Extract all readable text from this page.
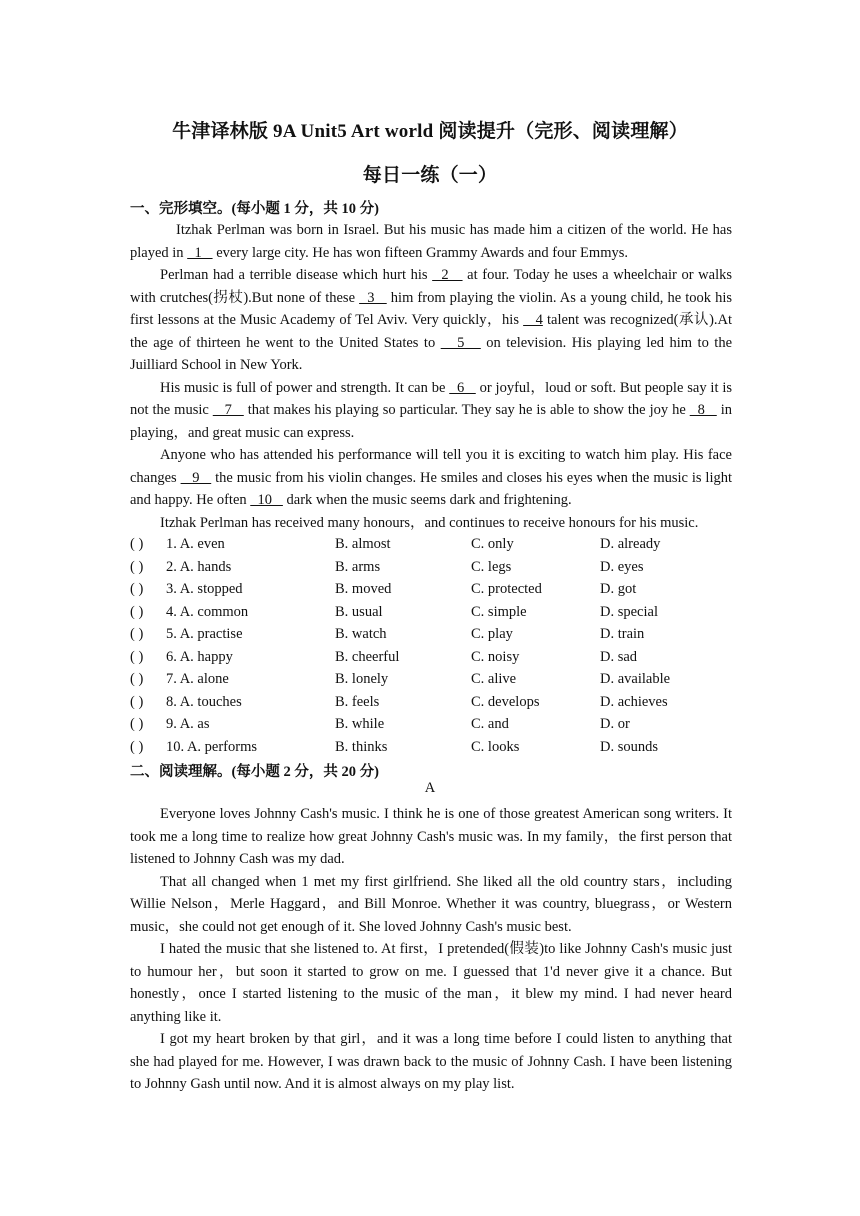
牛津译林版 9A Unit5 Art world 阅读提升（完形、阅读理解）
每日一练（一）
一、完形填空。(每小题 1 分，共 10 分)

Itzhak Perlman was born in Israel. But his music has made him a citizen of the world. He has played in   1    every large city. He has won fifteen Grammy Awards and four Emmys.

Perlman had a terrible disease which hurt his   2    at four. Today he uses a wheelchair or walks with crutches(拐杖).But none of these   3    him from playing the violin. As a young child, he took his first lessons at the Music Academy of Tel Aviv. Very quickly，his    4 talent was recognized(承认).At the age of thirteen he went to the United States to    5    on television. His playing led him to the Juilliard School in New York.

His music is full of power and strength. It can be   6    or joyful，loud or soft. But people say it is not the music    7    that makes his playing so particular. They say he is able to show the joy he   8    in playing，and great music can express.

Anyone who has attended his performance will tell you it is exciting to watch him play. His face changes    9    the music from his violin changes. He smiles and closes his eyes when the music is light and happy. He often   10    dark when the music seems dark and frightening.

Itzhak Perlman has received many honours，and continues to receive honours for his music.

( ) 1. A. even	B. almost	C. only	D. already
( ) 2. A. hands	B. arms	C. legs	D. eyes
( ) 3. A. stopped	B. moved	C. protected	D. got
( ) 4. A. common	B. usual	C. simple	D. special
( ) 5. A. practise	B. watch	C. play	D. train
( ) 6. A. happy	B. cheerful	C. noisy	D. sad
( ) 7. A. alone	B. lonely	C. alive	D. available
( ) 8. A. touches	B. feels	C. develops	D. achieves
( ) 9. A. as	B. while	C. and	D. or
( ) 10. A. performs	B. thinks	C. looks	D. sounds
二、阅读理解。(每小题 2 分，共 20 分)
A

Everyone loves Johnny Cash's music. I think he is one of those greatest American song writers. It took me a long time to realize how great Johnny Cash's music was. In my family，the first person that listened to Johnny Cash was my dad.

That all changed when 1 met my first girlfriend. She liked all the old country stars，including Willie Nelson，Merle Haggard，and Bill Monroe. Whether it was country, bluegrass，or Western music，she could not get enough of it. She loved Johnny Cash's music best.

I hated the music that she listened to. At first，I pretended(假装)to like Johnny Cash's music just to humour her，but soon it started to grow on me. I guessed that 1'd never give it a chance. But honestly，once I started listening to the music of the man，it blew my mind. I had never heard anything like it.

I got my heart broken by that girl，and it was a long time before I could listen to anything that she had played for me. However, I was drawn back to the music of Johnny Cash. I have been listening to Johnny Gash until now. And it is almost always on my play list.
